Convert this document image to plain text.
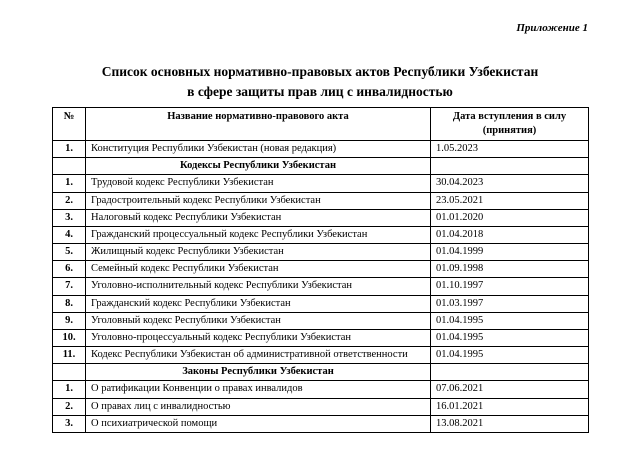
Приложение 1
Список основных нормативно-правовых актов Республики Узбекистан
в сфере защиты прав лиц с инвалидностью
№	Название нормативно-правового акта	Дата вступления в силу
(принятия)

1.	Конституция Республики Узбекистан (новая редакция)	1.05.2023
	Кодексы Республики Узбекистан	
1.	Трудовой кодекс Республики Узбекистан	30.04.2023
2.	Градостроительный кодекс Республики Узбекистан	23.05.2021
3.	Налоговый кодекс Республики Узбекистан	01.01.2020
4.	Гражданский процессуальный кодекс Республики Узбекистан	01.04.2018
5.	Жилищный кодекс Республики Узбекистан	01.04.1999
6.	Семейный кодекс Республики Узбекистан	01.09.1998
7.	Уголовно-исполнительный кодекс Республики Узбекистан	01.10.1997
8.	Гражданский кодекс Республики Узбекистан	01.03.1997
9.	Уголовный кодекс Республики Узбекистан	01.04.1995
10.	Уголовно-процессуальный кодекс Республики Узбекистан	01.04.1995
11.	Кодекс Республики Узбекистан об административной ответственности	01.04.1995
	Законы Республики Узбекистан	
1.	О ратификации Конвенции о правах инвалидов	07.06.2021
2.	О правах лиц с инвалидностью	16.01.2021
3.	О психиатрической помощи	13.08.2021
